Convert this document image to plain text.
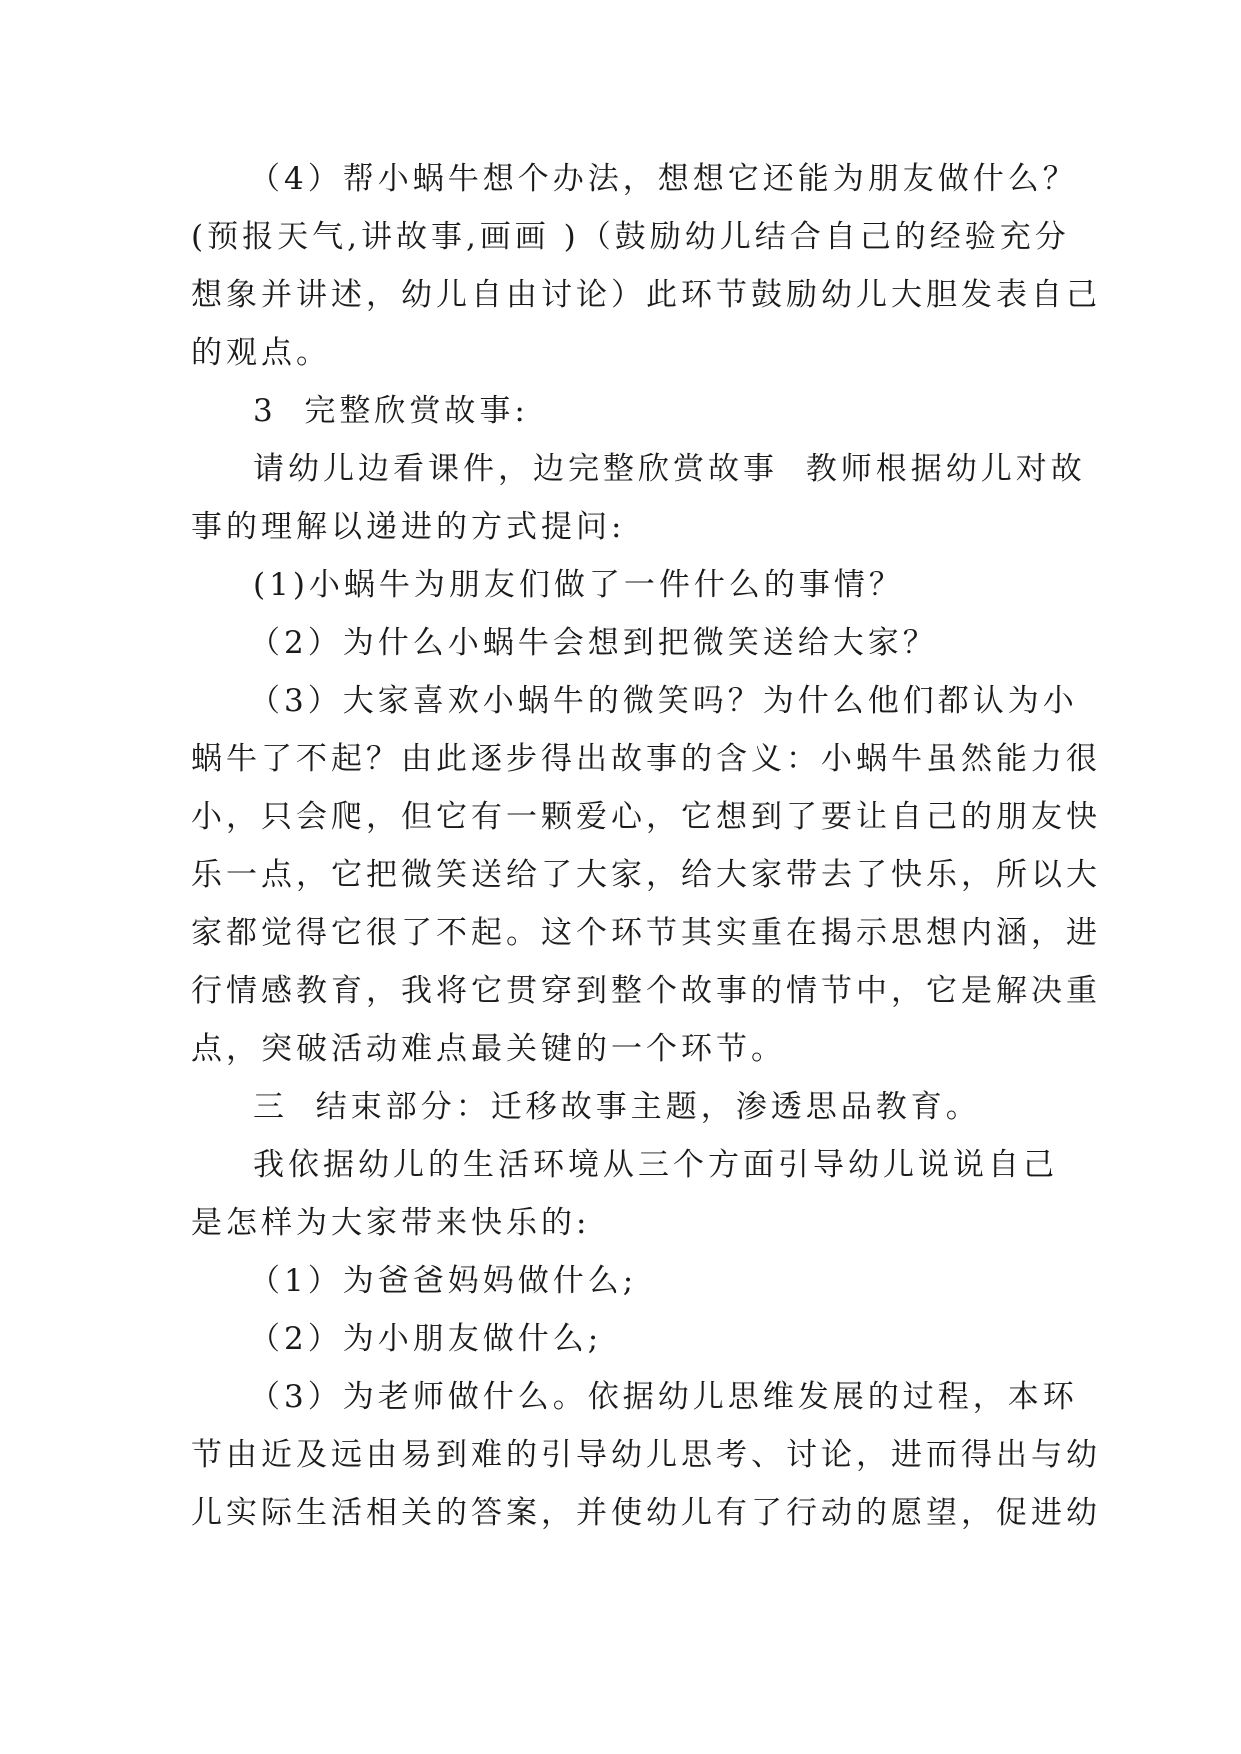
（4）帮小蜗牛想个办法，想想它还能为朋友做什么？
(预报天气,讲故事,画画 )（鼓励幼儿结合自己的经验充分
想象并讲述，幼儿自由讨论）此环节鼓励幼儿大胆发表自己
的观点。
3  完整欣赏故事:
请幼儿边看课件，边完整欣赏故事  教师根据幼儿对故
事的理解以递进的方式提问:
(1)小蜗牛为朋友们做了一件什么的事情？
（2）为什么小蜗牛会想到把微笑送给大家？
（3）大家喜欢小蜗牛的微笑吗？为什么他们都认为小
蜗牛了不起？由此逐步得出故事的含义：小蜗牛虽然能力很
小，只会爬，但它有一颗爱心，它想到了要让自己的朋友快
乐一点，它把微笑送给了大家，给大家带去了快乐，所以大
家都觉得它很了不起。这个环节其实重在揭示思想内涵，进
行情感教育，我将它贯穿到整个故事的情节中，它是解决重
点，突破活动难点最关键的一个环节。
三  结束部分：迁移故事主题，渗透思品教育。
我依据幼儿的生活环境从三个方面引导幼儿说说自己
是怎样为大家带来快乐的:
（1）为爸爸妈妈做什么;
（2）为小朋友做什么;
（3）为老师做什么。依据幼儿思维发展的过程，本环
节由近及远由易到难的引导幼儿思考、讨论，进而得出与幼
儿实际生活相关的答案，并使幼儿有了行动的愿望，促进幼
